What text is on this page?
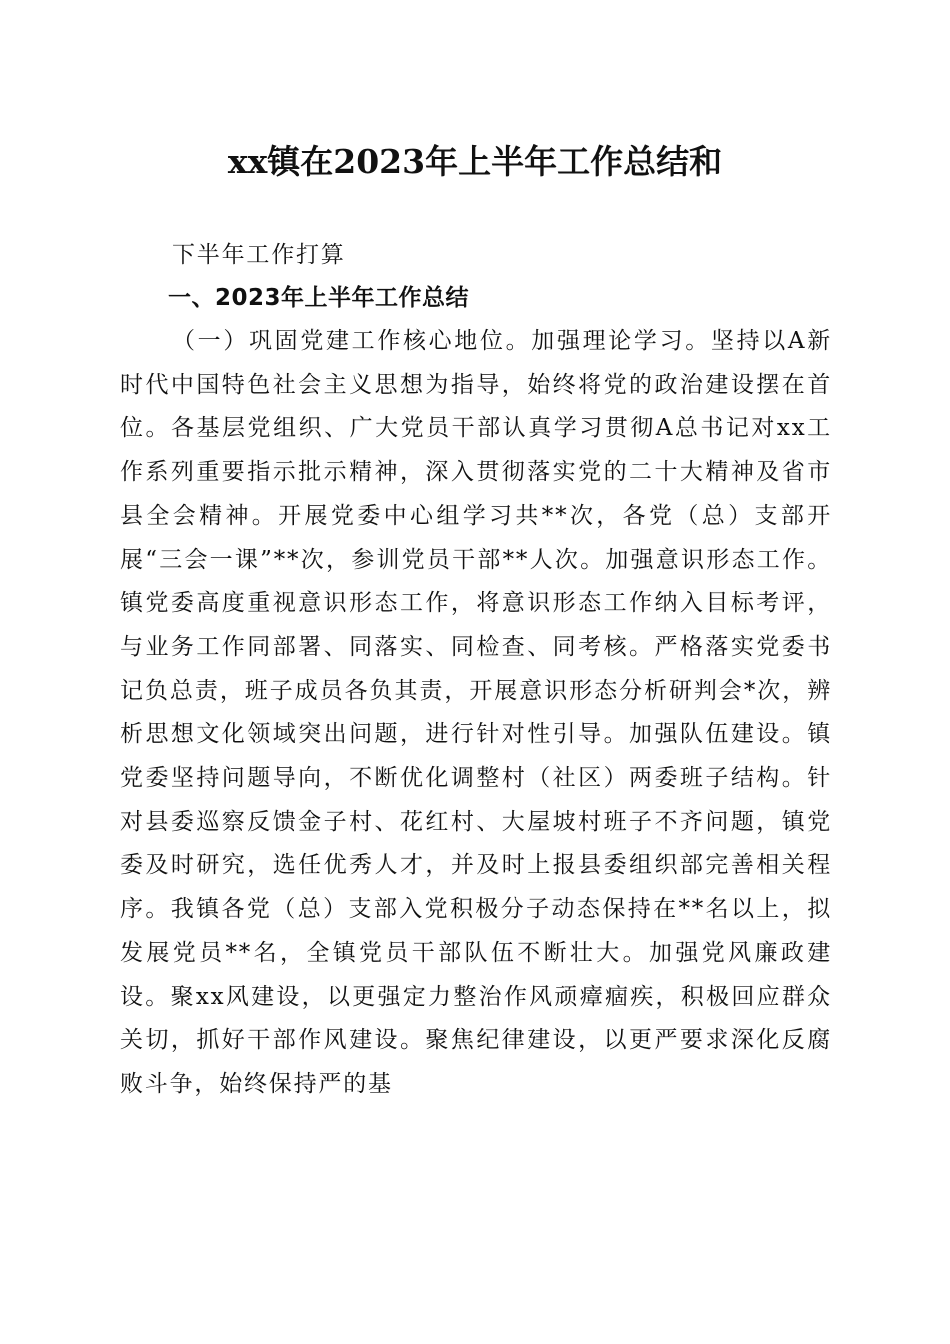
xx镇在2023年上半年工作总结和
下半年工作打算
一、2023年上半年工作总结
（一）巩固党建工作核心地位。加强理论学习。坚持以A新时代中国特色社会主义思想为指导，始终将党的政治建设摆在首位。各基层党组织、广大党员干部认真学习贯彻A总书记对xx工作系列重要指示批示精神，深入贯彻落实党的二十大精神及省市县全会精神。开展党委中心组学习共**次，各党（总）支部开展“三会一课”**次，参训党员干部**人次。加强意识形态工作。镇党委高度重视意识形态工作，将意识形态工作纳入目标考评，与业务工作同部署、同落实、同检查、同考核。严格落实党委书记负总责，班子成员各负其责，开展意识形态分析研判会*次，辨析思想文化领域突出问题，进行针对性引导。加强队伍建设。镇党委坚持问题导向，不断优化调整村（社区）两委班子结构。针对县委巡察反馈金子村、花红村、大屋坡村班子不齐问题，镇党委及时研究，选任优秀人才，并及时上报县委组织部完善相关程序。我镇各党（总）支部入党积极分子动态保持在**名以上，拟发展党员**名，全镇党员干部队伍不断壮大。加强党风廉政建设。聚xx风建设，以更强定力整治作风顽瘴痼疾，积极回应群众关切，抓好干部作风建设。聚焦纪律建设，以更严要求深化反腐败斗争，始终保持严的基
